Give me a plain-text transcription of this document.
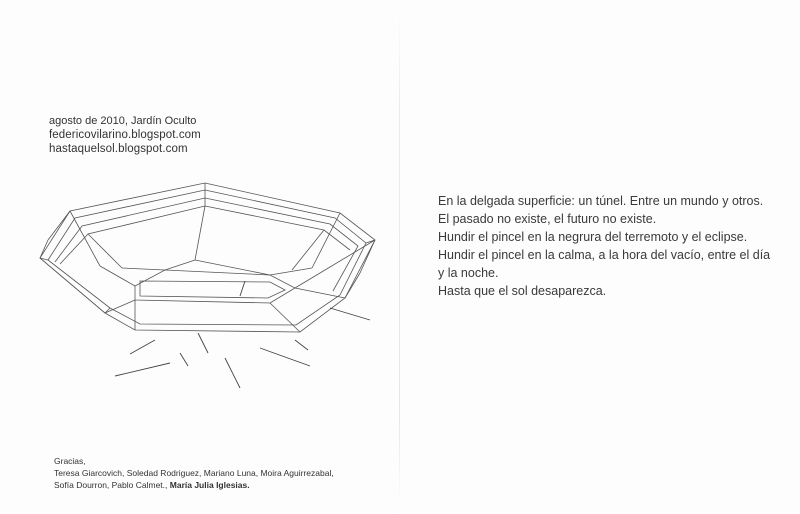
agosto de 2010, Jardín Oculto
federicovilarino.blogspot.com
hastaquelsol.blogspot.com
En la delgada superficie: un túnel. Entre un mundo y otros.
El pasado no existe, el futuro no existe.
Hundir el pincel en la negrura del terremoto y el eclipse.
Hundir el pincel en la calma, a la hora del vacío, entre el día
y la noche.
Hasta que el sol desaparezca.
Gracias,
Teresa Giarcovich, Soledad Rodriguez, Mariano Luna, Moira Aguirrezabal,
Sofía Dourron, Pablo Calmet., María Julia Iglesias.
